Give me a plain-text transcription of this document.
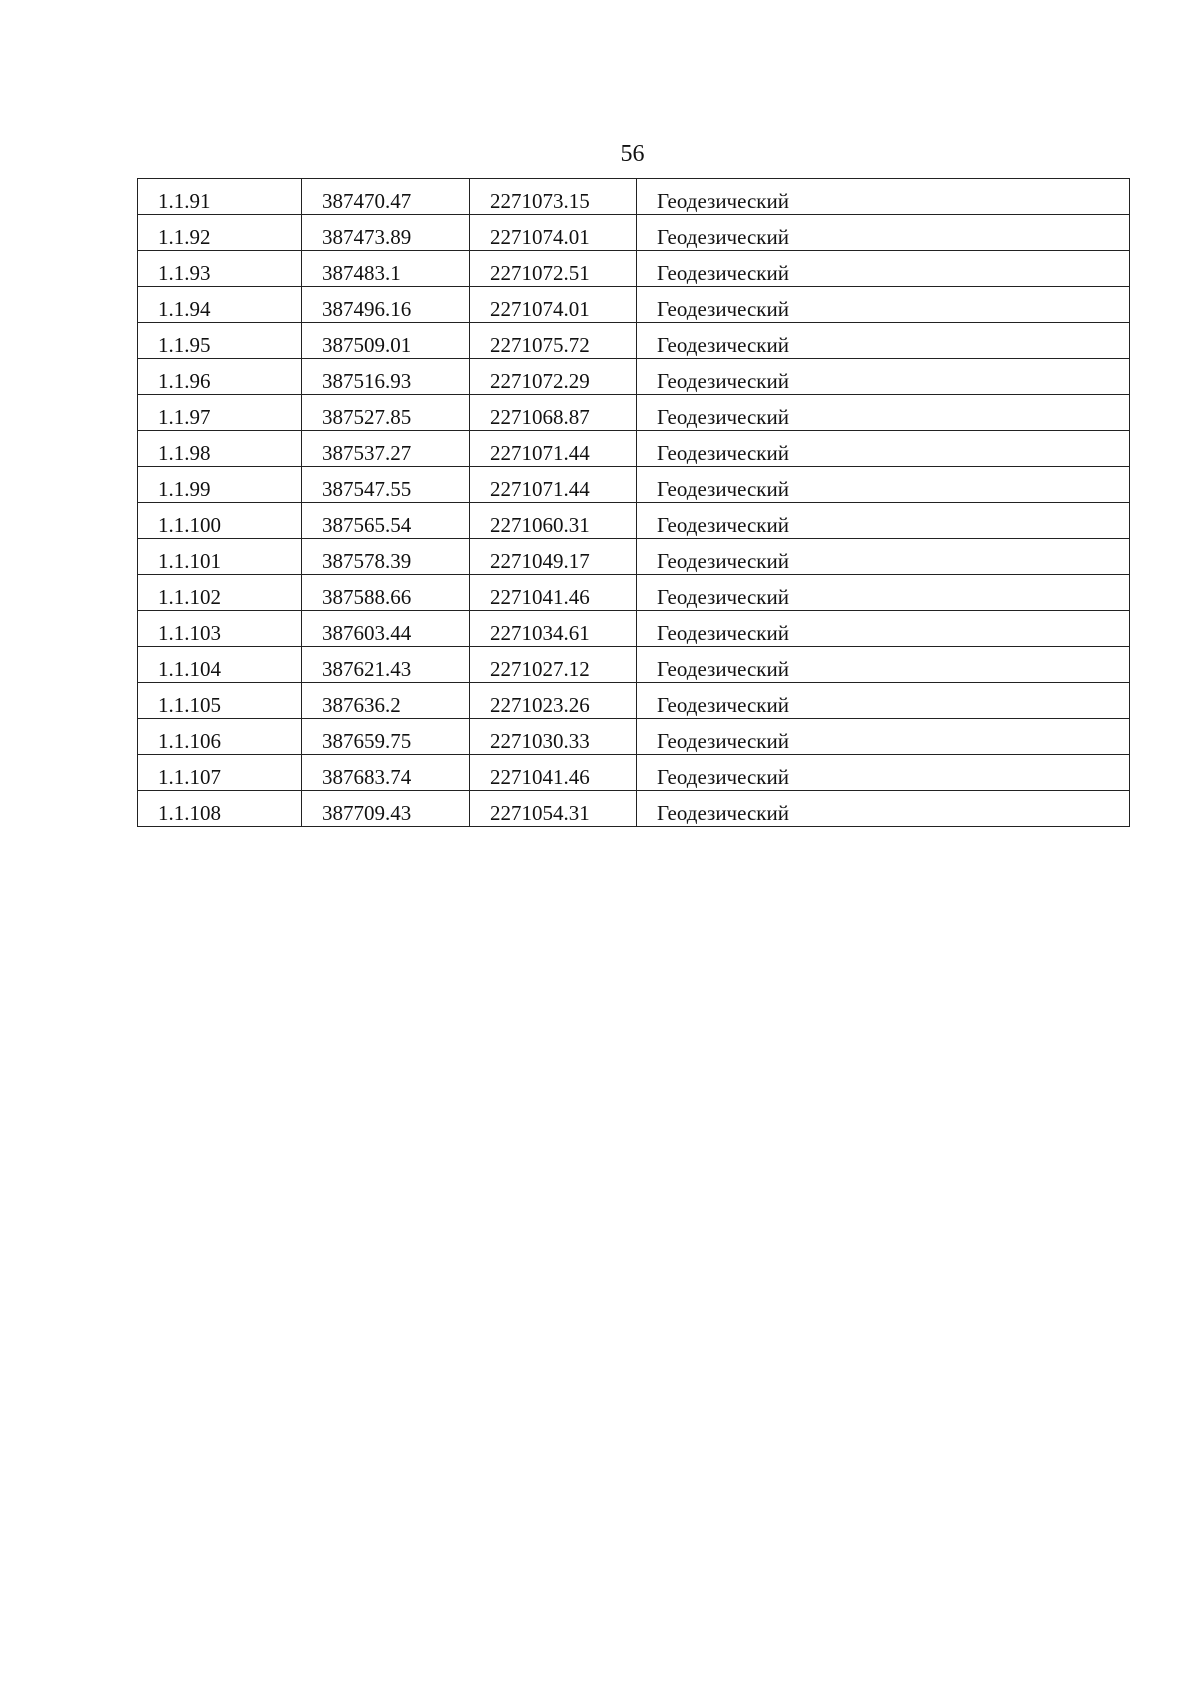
56
1.1.91	387470.47	2271073.15	Геодезический
1.1.92	387473.89	2271074.01	Геодезический
1.1.93	387483.1	2271072.51	Геодезический
1.1.94	387496.16	2271074.01	Геодезический
1.1.95	387509.01	2271075.72	Геодезический
1.1.96	387516.93	2271072.29	Геодезический
1.1.97	387527.85	2271068.87	Геодезический
1.1.98	387537.27	2271071.44	Геодезический
1.1.99	387547.55	2271071.44	Геодезический
1.1.100	387565.54	2271060.31	Геодезический
1.1.101	387578.39	2271049.17	Геодезический
1.1.102	387588.66	2271041.46	Геодезический
1.1.103	387603.44	2271034.61	Геодезический
1.1.104	387621.43	2271027.12	Геодезический
1.1.105	387636.2	2271023.26	Геодезический
1.1.106	387659.75	2271030.33	Геодезический
1.1.107	387683.74	2271041.46	Геодезический
1.1.108	387709.43	2271054.31	Геодезический
